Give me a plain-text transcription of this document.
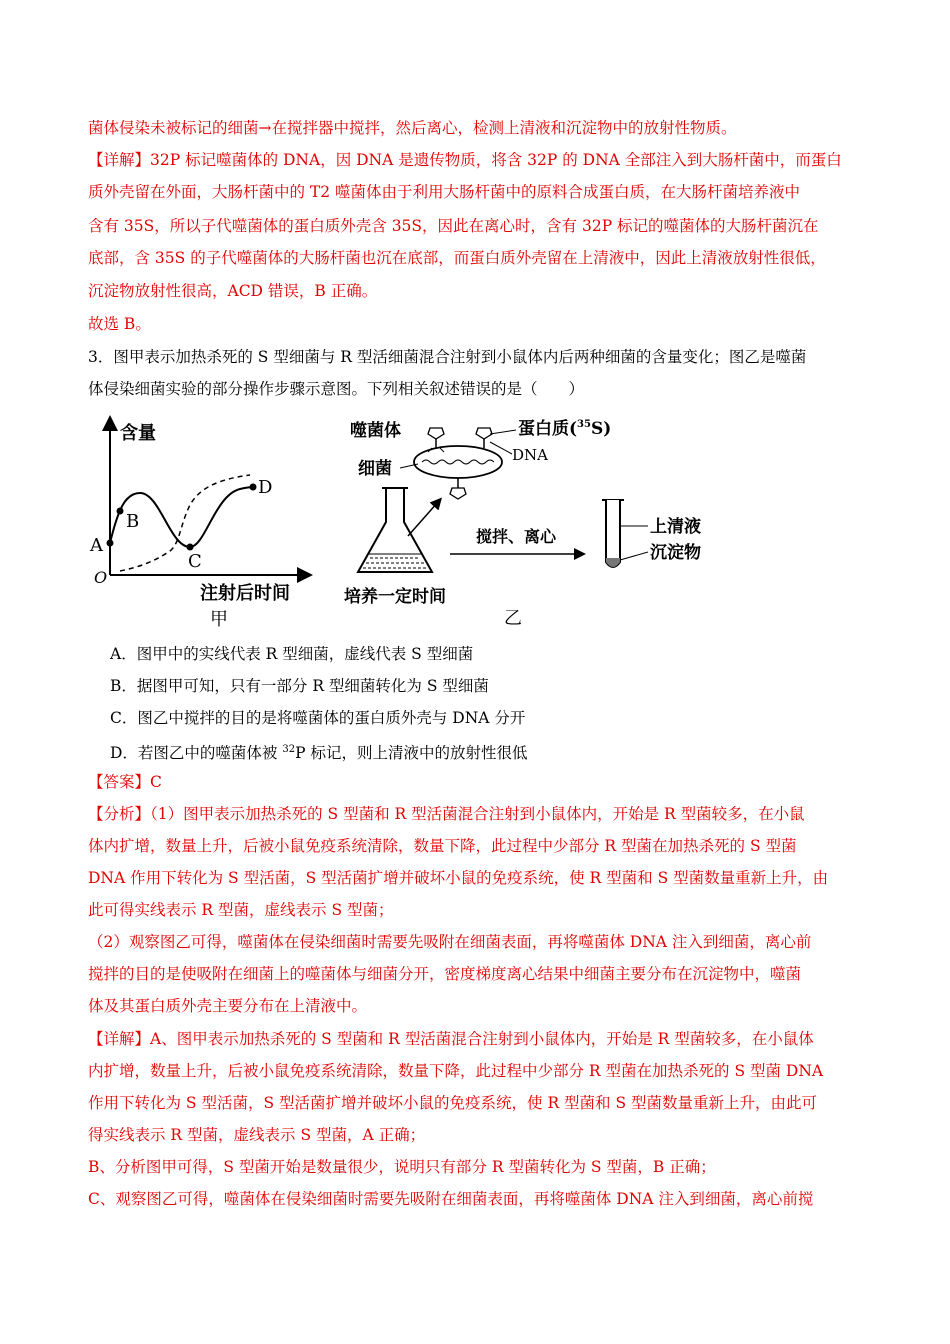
菌体侵染未被标记的细菌→在搅拌器中搅拌，然后离心，检测上清液和沉淀物中的放射性物质。
【详解】32P 标记噬菌体的 DNA，因 DNA 是遗传物质，将含 32P 的 DNA 全部注入到大肠杆菌中，而蛋白
质外壳留在外面，大肠杆菌中的 T2 噬菌体由于利用大肠杆菌中的原料合成蛋白质，在大肠杆菌培养液中
含有 35S，所以子代噬菌体的蛋白质外壳含 35S，因此在离心时，含有 32P 标记的噬菌体的大肠杆菌沉在
底部，含 35S 的子代噬菌体的大肠杆菌也沉在底部，而蛋白质外壳留在上清液中，因此上清液放射性很低，
沉淀物放射性很高，ACD 错误，B 正确。
故选 B。
3．图甲表示加热杀死的 S 型细菌与 R 型活细菌混合注射到小鼠体内后两种细菌的含量变化；图乙是噬菌
体侵染细菌实验的部分操作步骤示意图。下列相关叙述错误的是（　　）
含量
注射后时间
O
A
B
C
D
甲
噬菌体	蛋白质($^{35}$S)
DNA
细菌
培养一定时间
搅拌、离心	上清液
沉淀物
乙
A．图甲中的实线代表 R 型细菌，虚线代表 S 型细菌
B．据图甲可知，只有一部分 R 型细菌转化为 S 型细菌
C．图乙中搅拌的目的是将噬菌体的蛋白质外壳与 DNA 分开
D．若图乙中的噬菌体被 $^{32}$P 标记，则上清液中的放射性很低
【答案】C
【分析】（1）图甲表示加热杀死的 S 型菌和 R 型活菌混合注射到小鼠体内，开始是 R 型菌较多，在小鼠
体内扩增，数量上升，后被小鼠免疫系统清除，数量下降，此过程中少部分 R 型菌在加热杀死的 S 型菌
DNA 作用下转化为 S 型活菌，S 型活菌扩增并破坏小鼠的免疫系统，使 R 型菌和 S 型菌数量重新上升，由
此可得实线表示 R 型菌，虚线表示 S 型菌；
（2）观察图乙可得，噬菌体在侵染细菌时需要先吸附在细菌表面，再将噬菌体 DNA 注入到细菌，离心前
搅拌的目的是使吸附在细菌上的噬菌体与细菌分开，密度梯度离心结果中细菌主要分布在沉淀物中，噬菌
体及其蛋白质外壳主要分布在上清液中。
【详解】A、图甲表示加热杀死的 S 型菌和 R 型活菌混合注射到小鼠体内，开始是 R 型菌较多，在小鼠体
内扩增，数量上升，后被小鼠免疫系统清除，数量下降，此过程中少部分 R 型菌在加热杀死的 S 型菌 DNA
作用下转化为 S 型活菌，S 型活菌扩增并破坏小鼠的免疫系统，使 R 型菌和 S 型菌数量重新上升，由此可
得实线表示 R 型菌，虚线表示 S 型菌，A 正确；
B、分析图甲可得，S 型菌开始是数量很少，说明只有部分 R 型菌转化为 S 型菌，B 正确；
C、观察图乙可得，噬菌体在侵染细菌时需要先吸附在细菌表面，再将噬菌体 DNA 注入到细菌，离心前搅
